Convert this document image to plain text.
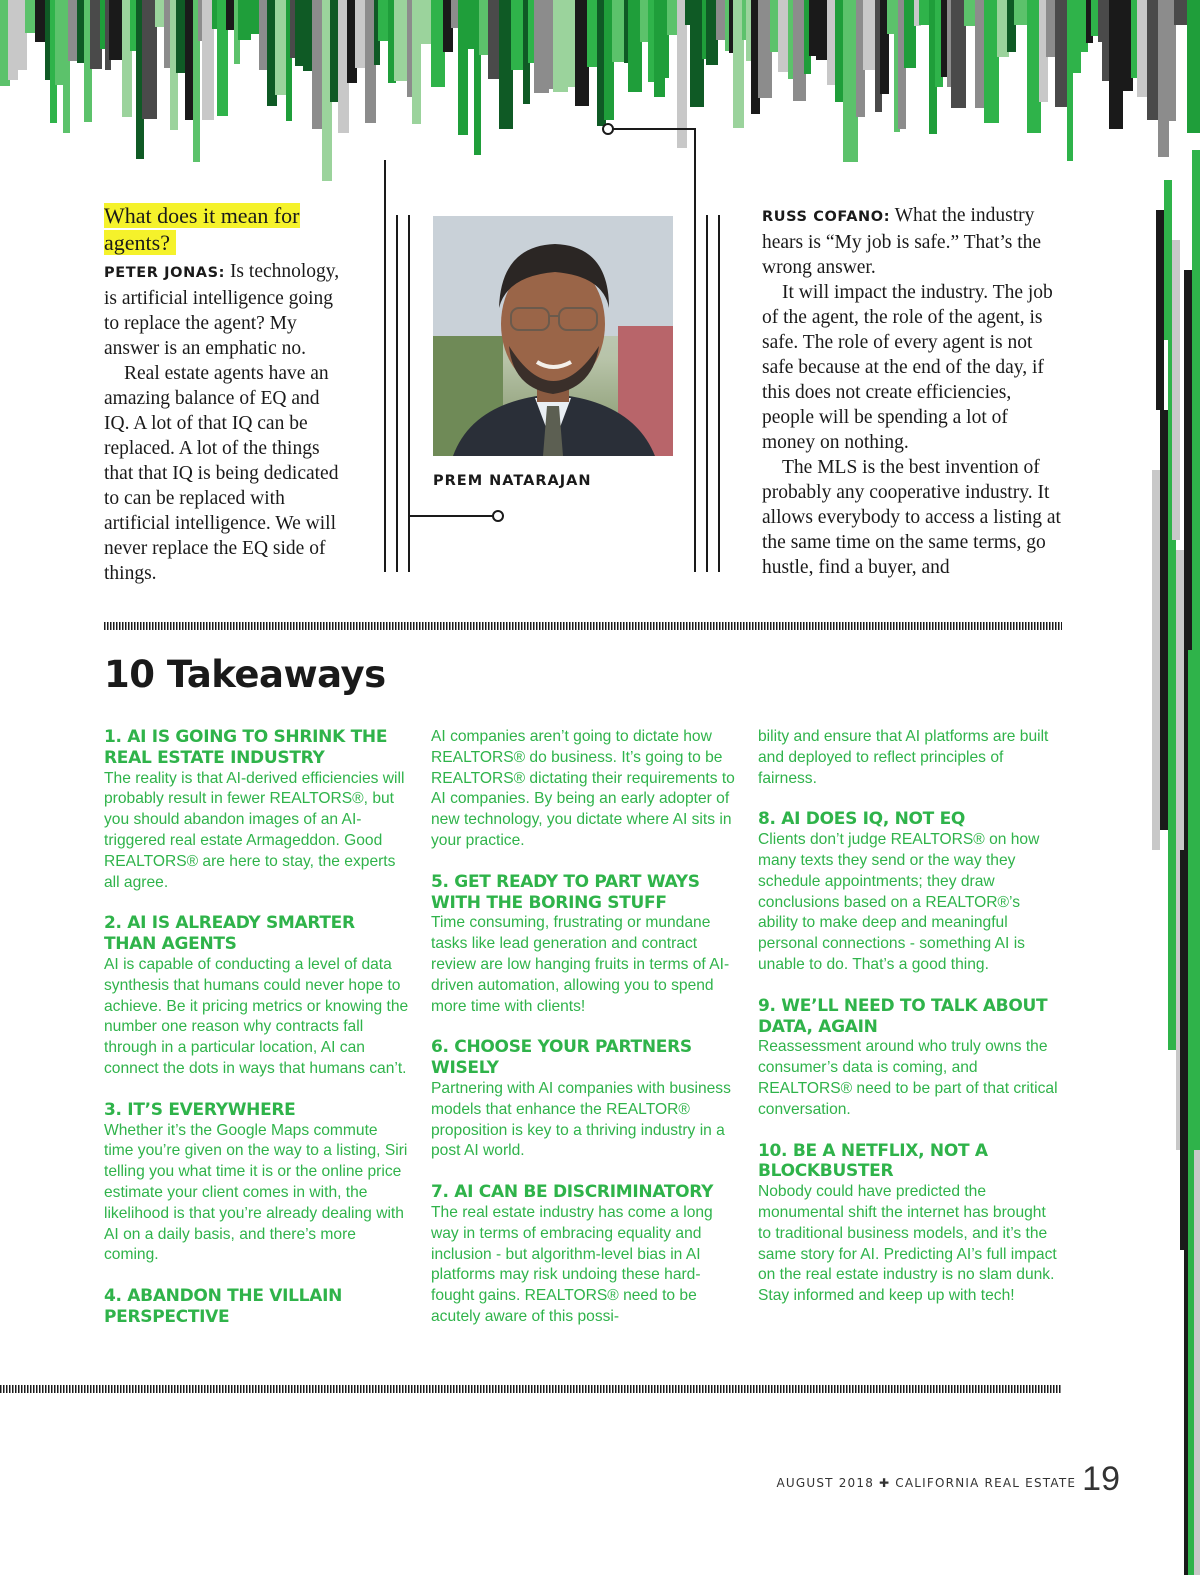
What does it mean for agents?

PETER JONAS: Is technology, is artificial intelligence going to replace the agent? My answer is an emphatic no.

Real estate agents have an amazing balance of EQ and IQ. A lot of that IQ can be replaced. A lot of the things that that IQ is being dedicated to can be replaced with artificial intelligence. We will never replace the EQ side of things.

PREM NATARAJAN

RUSS COFANO: What the industry hears is “My job is safe.” That’s the wrong answer.

It will impact the industry. The job of the agent, the role of the agent, is safe. The role of every agent is not safe because at the end of the day, if this does not create efficiencies, people will be spending a lot of money on nothing.

The MLS is the best invention of probably any cooperative industry. It allows everybody to access a listing at the same time on the same terms, go hustle, find a buyer, and

10 Takeaways
1. AI IS GOING TO SHRINK THE REAL ESTATE INDUSTRY
The reality is that AI-derived efficiencies will probably result in fewer REALTORS®, but you should abandon images of an AI-triggered real estate Armageddon. Good REALTORS® are here to stay, the experts all agree.
2. AI IS ALREADY SMARTER THAN AGENTS
AI is capable of conducting a level of data synthesis that humans could never hope to achieve. Be it pricing metrics or knowing the number one reason why contracts fall through in a particular location, AI can connect the dots in ways that humans can’t.
3. IT’S EVERYWHERE
Whether it’s the Google Maps commute time you’re given on the way to a listing, Siri telling you what time it is or the online price estimate your client comes in with, the likelihood is that you’re already dealing with AI on a daily basis, and there’s more coming.
4. ABANDON THE VILLAIN PERSPECTIVE
AI companies aren’t going to dictate how REALTORS® do business. It’s going to be REALTORS® dictating their requirements to AI companies. By being an early adopter of new technology, you dictate where AI sits in your practice.
5. GET READY TO PART WAYS WITH THE BORING STUFF
Time consuming, frustrating or mundane tasks like lead generation and contract review are low hanging fruits in terms of AI-driven automation, allowing you to spend more time with clients!
6. CHOOSE YOUR PARTNERS WISELY
Partnering with AI companies with business models that enhance the REALTOR® proposition is key to a thriving industry in a post AI world.
7. AI CAN BE DISCRIMINATORY
The real estate industry has come a long way in terms of embracing equality and inclusion - but algorithm-level bias in AI platforms may risk undoing these hard-fought gains. REALTORS® need to be acutely aware of this possi-
bility and ensure that AI platforms are built and deployed to reflect principles of fairness.
8. AI DOES IQ, NOT EQ
Clients don’t judge REALTORS® on how many texts they send or the way they schedule appointments; they draw conclusions based on a REALTOR®’s ability to make deep and meaningful personal connections - something AI is unable to do. That’s a good thing.
9. WE’LL NEED TO TALK ABOUT DATA, AGAIN
Reassessment around who truly owns the consumer’s data is coming, and REALTORS® need to be part of that critical conversation.
10. BE A NETFLIX, NOT A BLOCKBUSTER
Nobody could have predicted the monumental shift the internet has brought to traditional business models, and it’s the same story for AI. Predicting AI’s full impact on the real estate industry is no slam dunk. Stay informed and keep up with tech!
AUGUST 2018 ✚ CALIFORNIA REAL ESTATE 19
